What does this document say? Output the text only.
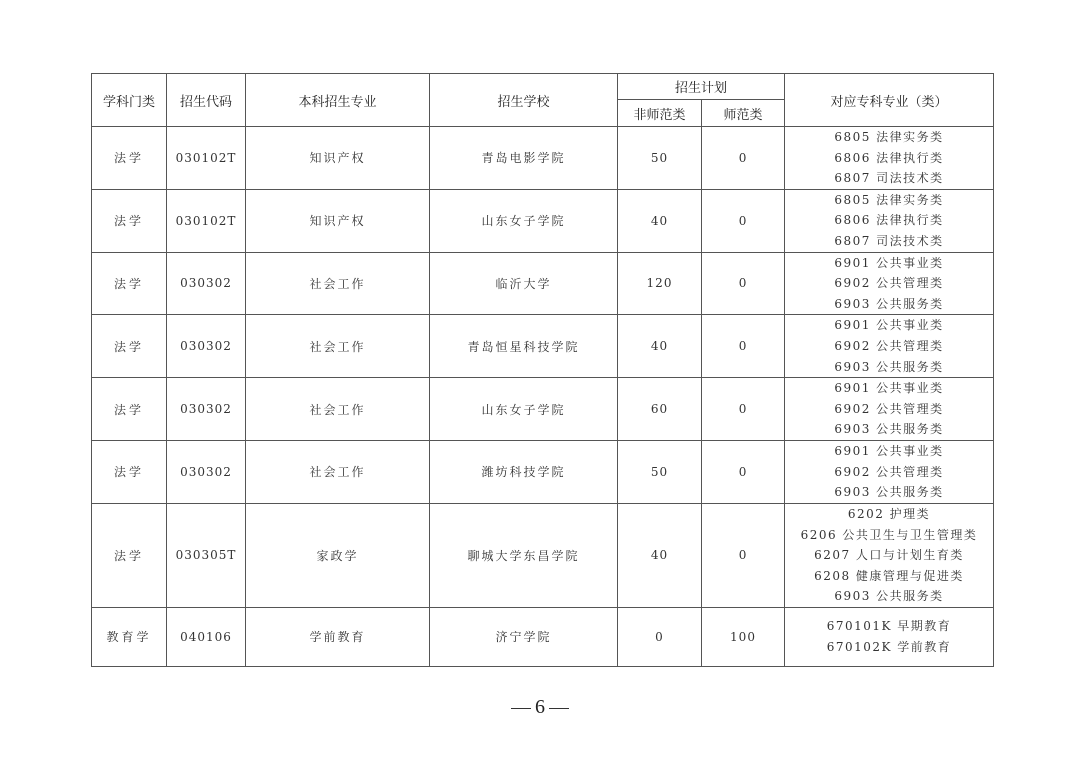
学科门类	招生代码	本科招生专业	招生学校	招生计划		对应专科专业（类）
				非师范类	师范类	
法学	030102T	知识产权	青岛电影学院	50	0	6805 法律实务类
6806 法律执行类
6807 司法技术类

法学	030102T	知识产权	山东女子学院	40	0	6805 法律实务类
6806 法律执行类
6807 司法技术类

法学	030302	社会工作	临沂大学	120	0	6901 公共事业类
6902 公共管理类
6903 公共服务类

法学	030302	社会工作	青岛恒星科技学院	40	0	6901 公共事业类
6902 公共管理类
6903 公共服务类

法学	030302	社会工作	山东女子学院	60	0	6901 公共事业类
6902 公共管理类
6903 公共服务类

法学	030302	社会工作	潍坊科技学院	50	0	6901 公共事业类
6902 公共管理类
6903 公共服务类

法学	030305T	家政学	聊城大学东昌学院	40	0	6202 护理类
6206 公共卫生与卫生管理类
6207 人口与计划生育类
6208 健康管理与促进类
6903 公共服务类

教育学	040106	学前教育	济宁学院	0	100	670101K 早期教育
670102K 学前教育
6
